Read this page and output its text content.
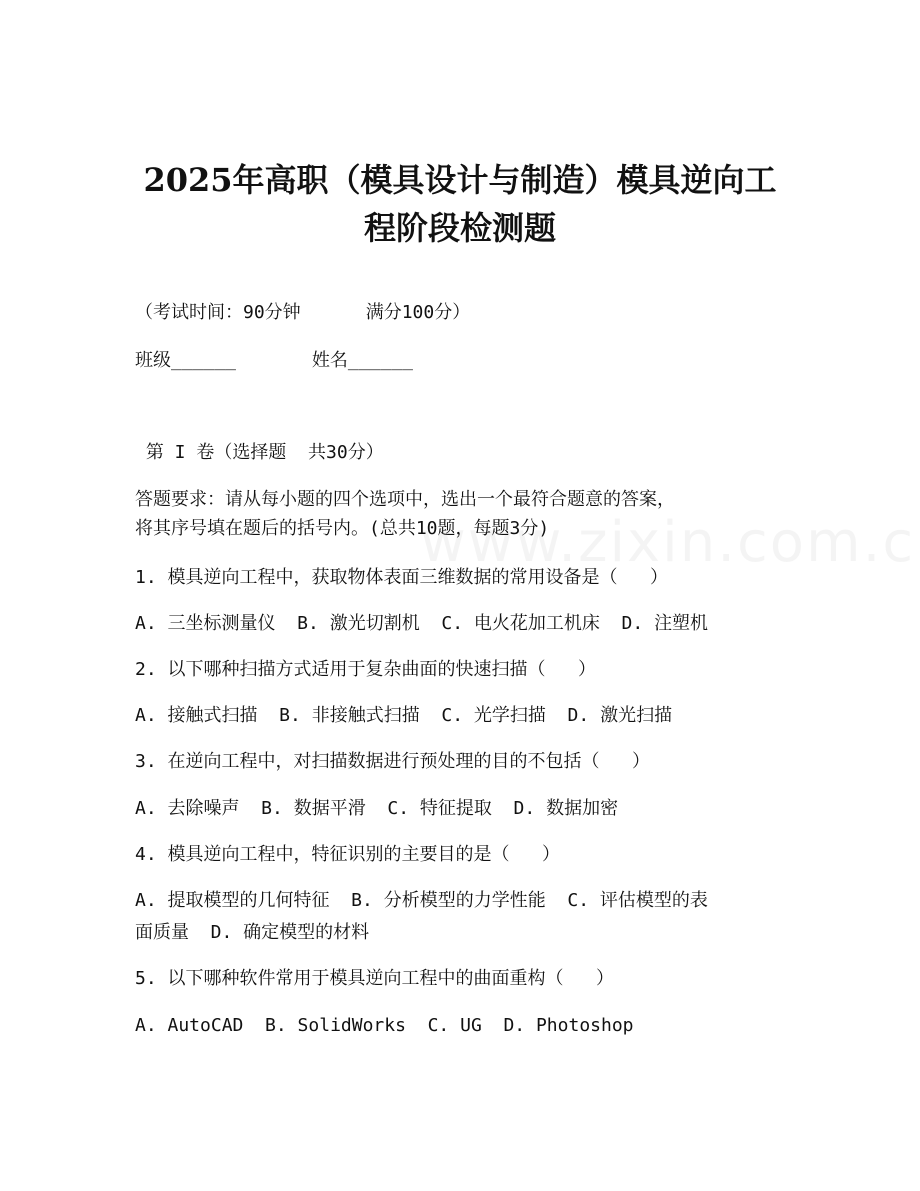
2025年高职（模具设计与制造）模具逆向工
程阶段检测题

（考试时间：90分钟      满分100分）

班级______       姓名______

第 I 卷（选择题  共30分）

答题要求：请从每小题的四个选项中，选出一个最符合题意的答案，

将其序号填在题后的括号内。(总共10题，每题3分)

1. 模具逆向工程中，获取物体表面三维数据的常用设备是（   ）

A. 三坐标测量仪  B. 激光切割机  C. 电火花加工机床  D. 注塑机

2. 以下哪种扫描方式适用于复杂曲面的快速扫描（   ）

A. 接触式扫描  B. 非接触式扫描  C. 光学扫描  D. 激光扫描

3. 在逆向工程中，对扫描数据进行预处理的目的不包括（   ）

A. 去除噪声  B. 数据平滑  C. 特征提取  D. 数据加密

4. 模具逆向工程中，特征识别的主要目的是（   ）

A. 提取模型的几何特征  B. 分析模型的力学性能  C. 评估模型的表

面质量  D. 确定模型的材料

5. 以下哪种软件常用于模具逆向工程中的曲面重构（   ）

A. AutoCAD  B. SolidWorks  C. UG  D. Photoshop
